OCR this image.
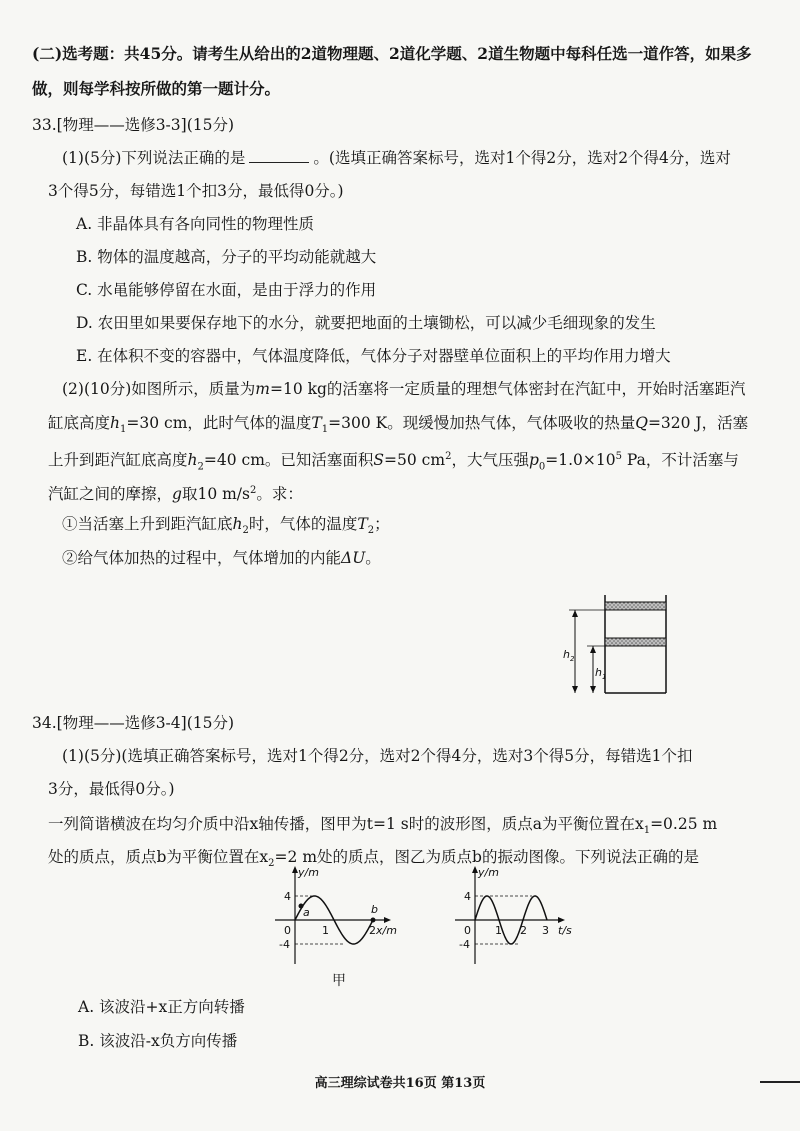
(二)选考题：共45分。请考生从给出的2道物理题、2道化学题、2道生物题中每科任选一道作答，如果多
做，则每学科按所做的第一题计分。
33.[物理——选修3-3](15分)
(1)(5分)下列说法正确的是	。(选填正确答案标号，选对1个得2分，选对2个得4分，选对
3个得5分，每错选1个扣3分，最低得0分。)
A. 非晶体具有各向同性的物理性质
B. 物体的温度越高，分子的平均动能就越大
C. 水黾能够停留在水面，是由于浮力的作用
D. 农田里如果要保存地下的水分，就要把地面的土壤锄松，可以减少毛细现象的发生
E. 在体积不变的容器中，气体温度降低，气体分子对器壁单位面积上的平均作用力增大
(2)(10分)如图所示，质量为m=10 kg的活塞将一定质量的理想气体密封在汽缸中，开始时活塞距汽
缸底高度$h_1=30$ cm，此时气体的温度$T_1=300$ K。现缓慢加热气体，气体吸收的热量Q=320 J，活塞
上升到距汽缸底高度$h_2=40$ cm。已知活塞面积S=50 $cm^2$，大气压强$p_0=1.0\times 10^5$ Pa，不计活塞与
汽缸之间的摩擦，g取10 $m/s^2$。求：
①当活塞上升到距汽缸底$h_2$时，气体的温度$T_2$；
②给气体加热的过程中，气体增加的内能ΔU。
$h_2$
$h_1$
34.[物理——选修3-4](15分)
(1)(5分)(选填正确答案标号，选对1个得2分，选对2个得4分，选对3个得5分，每错选1个扣
3分，最低得0分。)
一列简谐横波在均匀介质中沿x轴传播，图甲为t=1 s时的波形图，质点a为平衡位置在$x_1=0.25$ m
处的质点，质点b为平衡位置在$x_2=2$ m处的质点，图乙为质点b的振动图像。下列说法正确的是
y/m
4
-4
0	1	2 x/m
a	b
甲
y/m
4
-4
0 1 2 3 t/s
A. 该波沿+x正方向转播
B. 该波沿-x负方向传播
高三理综试卷共16页 第13页
